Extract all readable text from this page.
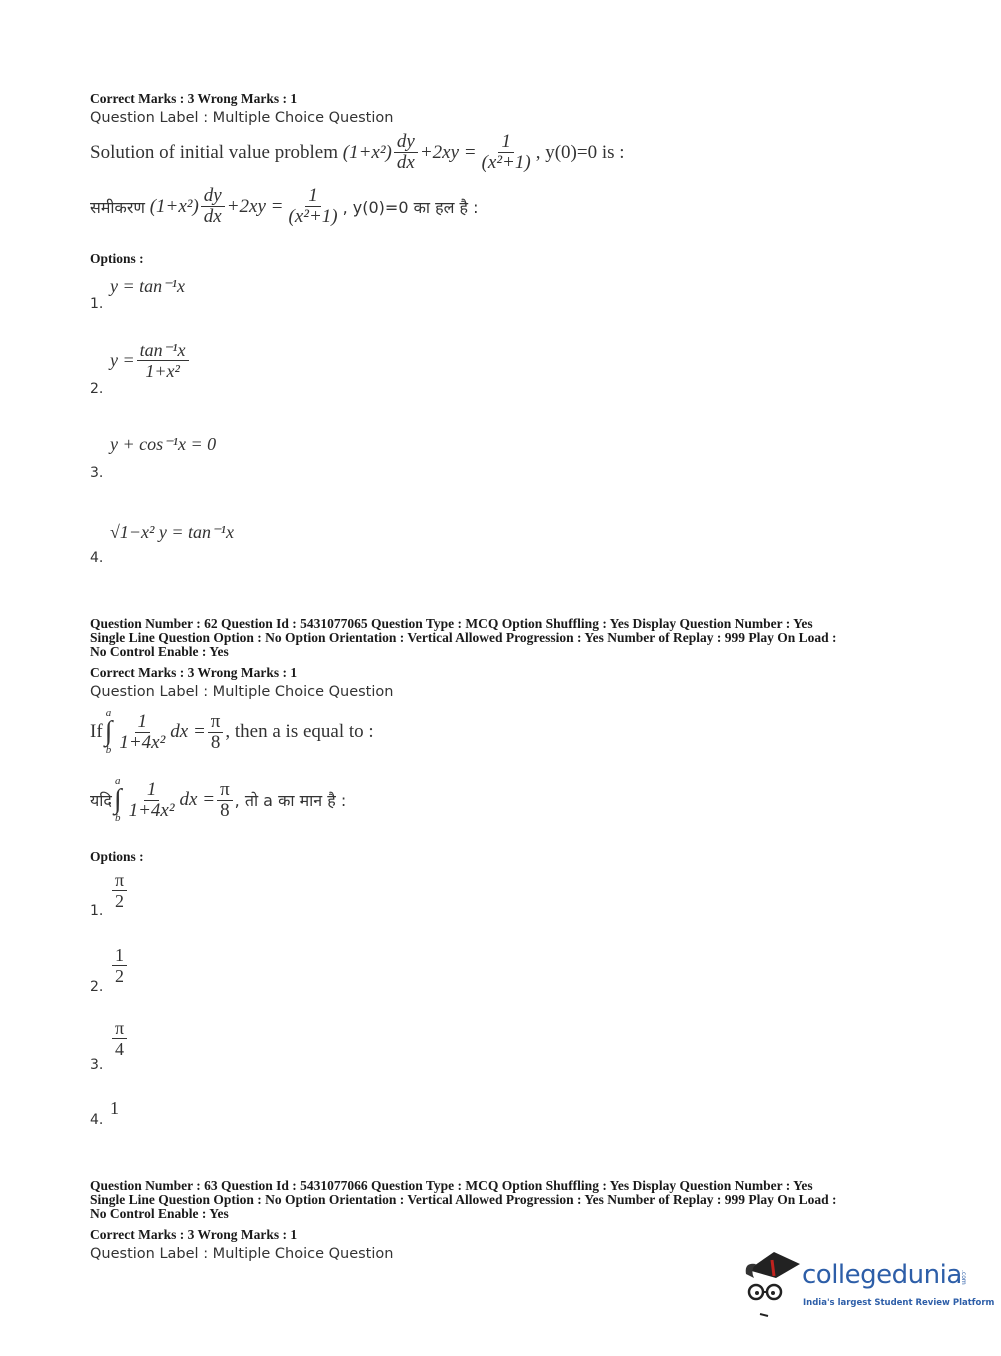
Correct Marks : 3 Wrong Marks : 1
Question Label : Multiple Choice Question
Solution of initial value problem
$(1+x^2) \frac{dy}{dx} +2xy = \frac{1}{\text{(x²+1)}}$ , y(0)=0 is :
समीकरण
$(1+x^2) \frac{dy}{dx} +2xy = \frac{1}{\text{(x²+1)}}$ , y(0)=0 का हल है :
Options :
1.
y = tan⁻¹x
2.
$y = \frac{\text{tan⁻¹x}}{\text{1+x²}}$
3.
y + cos⁻¹x = 0
4.
√1−x² y = tan⁻¹x
Question Number : 62 Question Id : 5431077065 Question Type : MCQ Option Shuffling : Yes Display Question Number : Yes
Single Line Question Option : No Option Orientation : Vertical Allowed Progression : Yes Number of Replay : 999 Play On Load :
No Control Enable : Yes
Correct Marks : 3 Wrong Marks : 1
Question Label : Multiple Choice Question
If
a
∫
b $\frac{1}{\text{1+4x²}}$ dx = $\frac{\pi}{8}$ , then a is equal to :
यदि
a
∫
b $\frac{1}{\text{1+4x²}}$ dx = $\frac{\pi}{8}$ , तो a का मान है :
Options :
1. $\frac{\pi}{2}$
2.
$\frac{1}{2}$
3.
$\frac{\pi}{4}$
4.
1
Question Number : 63 Question Id : 5431077066 Question Type : MCQ Option Shuffling : Yes Display Question Number : Yes
Single Line Question Option : No Option Orientation : Vertical Allowed Progression : Yes Number of Replay : 999 Play On Load :
No Control Enable : Yes
Correct Marks : 3 Wrong Marks : 1
Question Label : Multiple Choice Question
collegedunia
.com
India's largest Student Review Platform
